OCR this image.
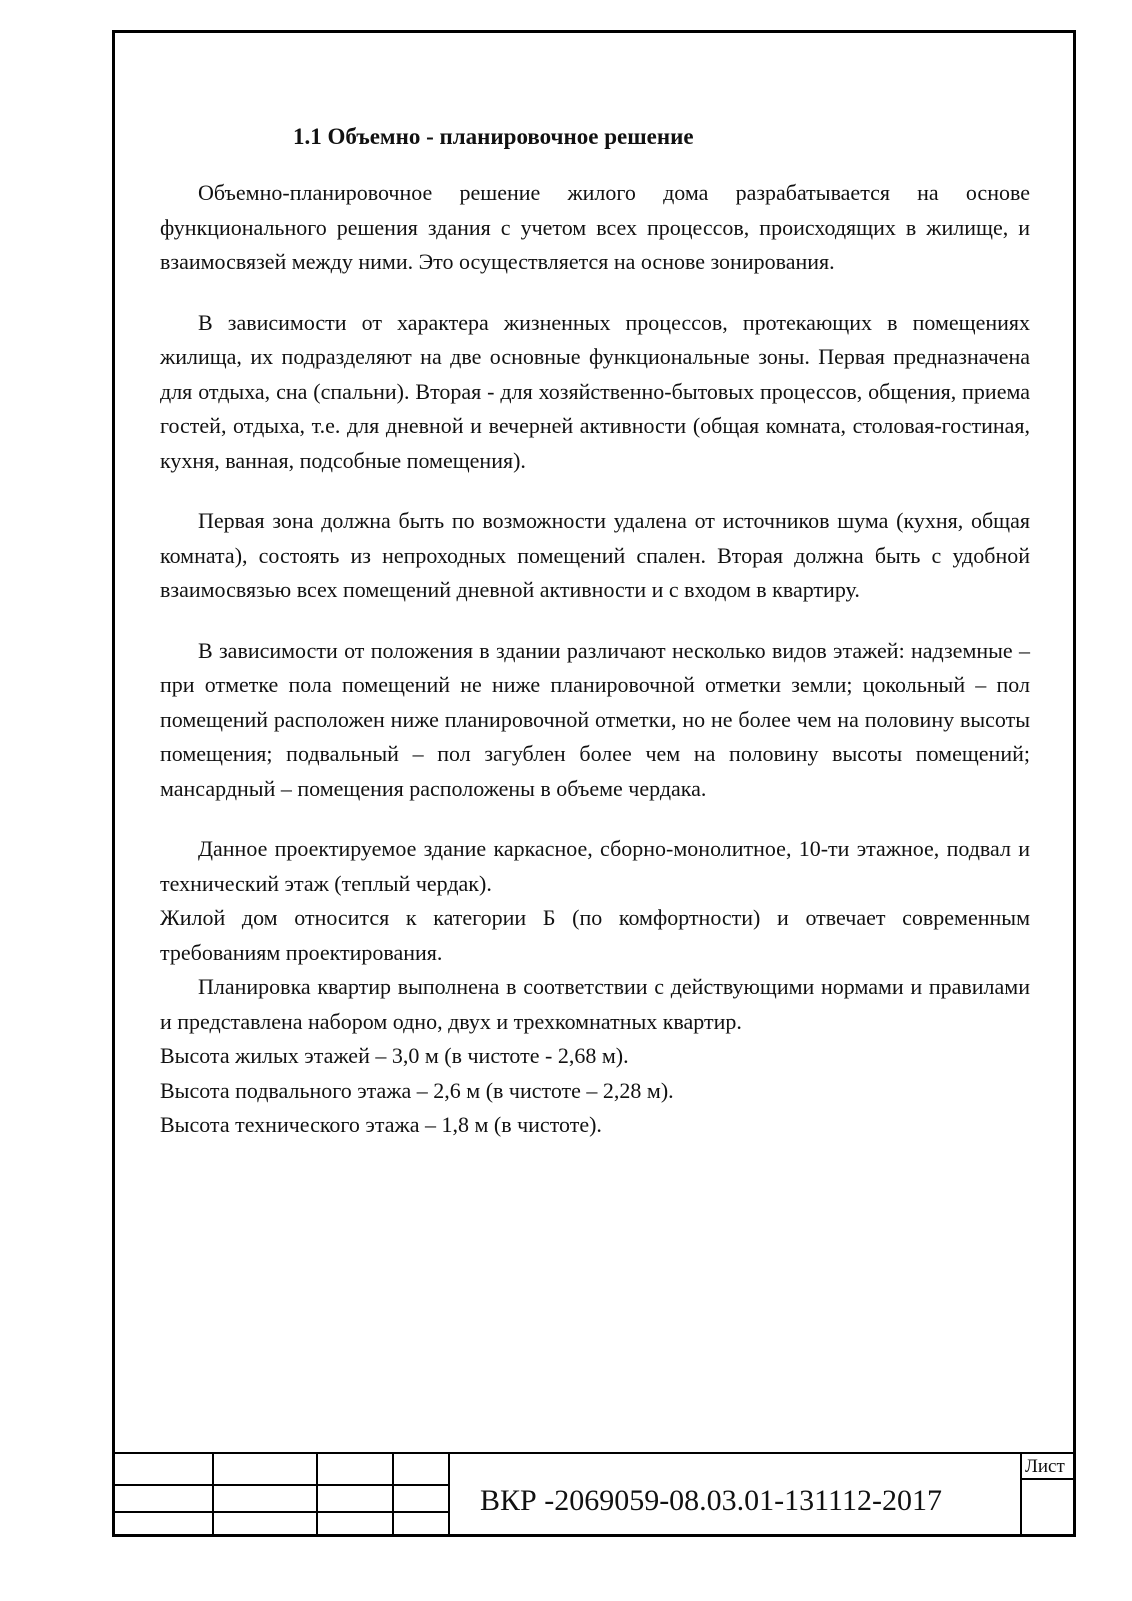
1.1 Объемно - планировочное решение

Объемно-планировочное решение жилого дома разрабатывается на основе функционального решения здания с учетом всех процессов, происходящих в жилище, и взаимосвязей между ними. Это осуществляется на основе зонирования.

В зависимости от характера жизненных процессов, протекающих в помещениях жилища, их подразделяют на две основные функциональные зоны. Первая предназначена для отдыха, сна (спальни). Вторая - для хозяйственно-бытовых процессов, общения, приема гостей, отдыха, т.е. для дневной и вечерней активности (общая комната, столовая-гостиная, кухня, ванная, подсобные помещения).

Первая зона должна быть по возможности удалена от источников шума (кухня, общая комната), состоять из непроходных помещений спален. Вторая должна быть с удобной взаимосвязью всех помещений дневной активности и с входом в квартиру.

В зависимости от положения в здании различают несколько видов этажей: надземные – при отметке пола помещений не ниже планировочной отметки земли; цокольный – пол помещений расположен ниже планировочной отметки, но не более чем на половину высоты помещения; подвальный – пол загублен более чем на половину высоты помещений; мансардный – помещения расположены в объеме чердака.

Данное проектируемое здание каркасное, сборно-монолитное, 10-ти этажное, подвал и технический этаж (теплый чердак).

Жилой дом относится к категории Б (по комфортности) и отвечает современным требованиям проектирования.

Планировка квартир выполнена в соответствии с действующими нормами и правилами и представлена набором одно, двух и трехкомнатных квартир.

Высота жилых этажей – 3,0 м (в чистоте - 2,68 м).

Высота подвального этажа – 2,6 м (в чистоте – 2,28 м).

Высота технического этажа – 1,8 м (в чистоте).

ВКР -2069059-08.03.01-131112-2017
Лист
